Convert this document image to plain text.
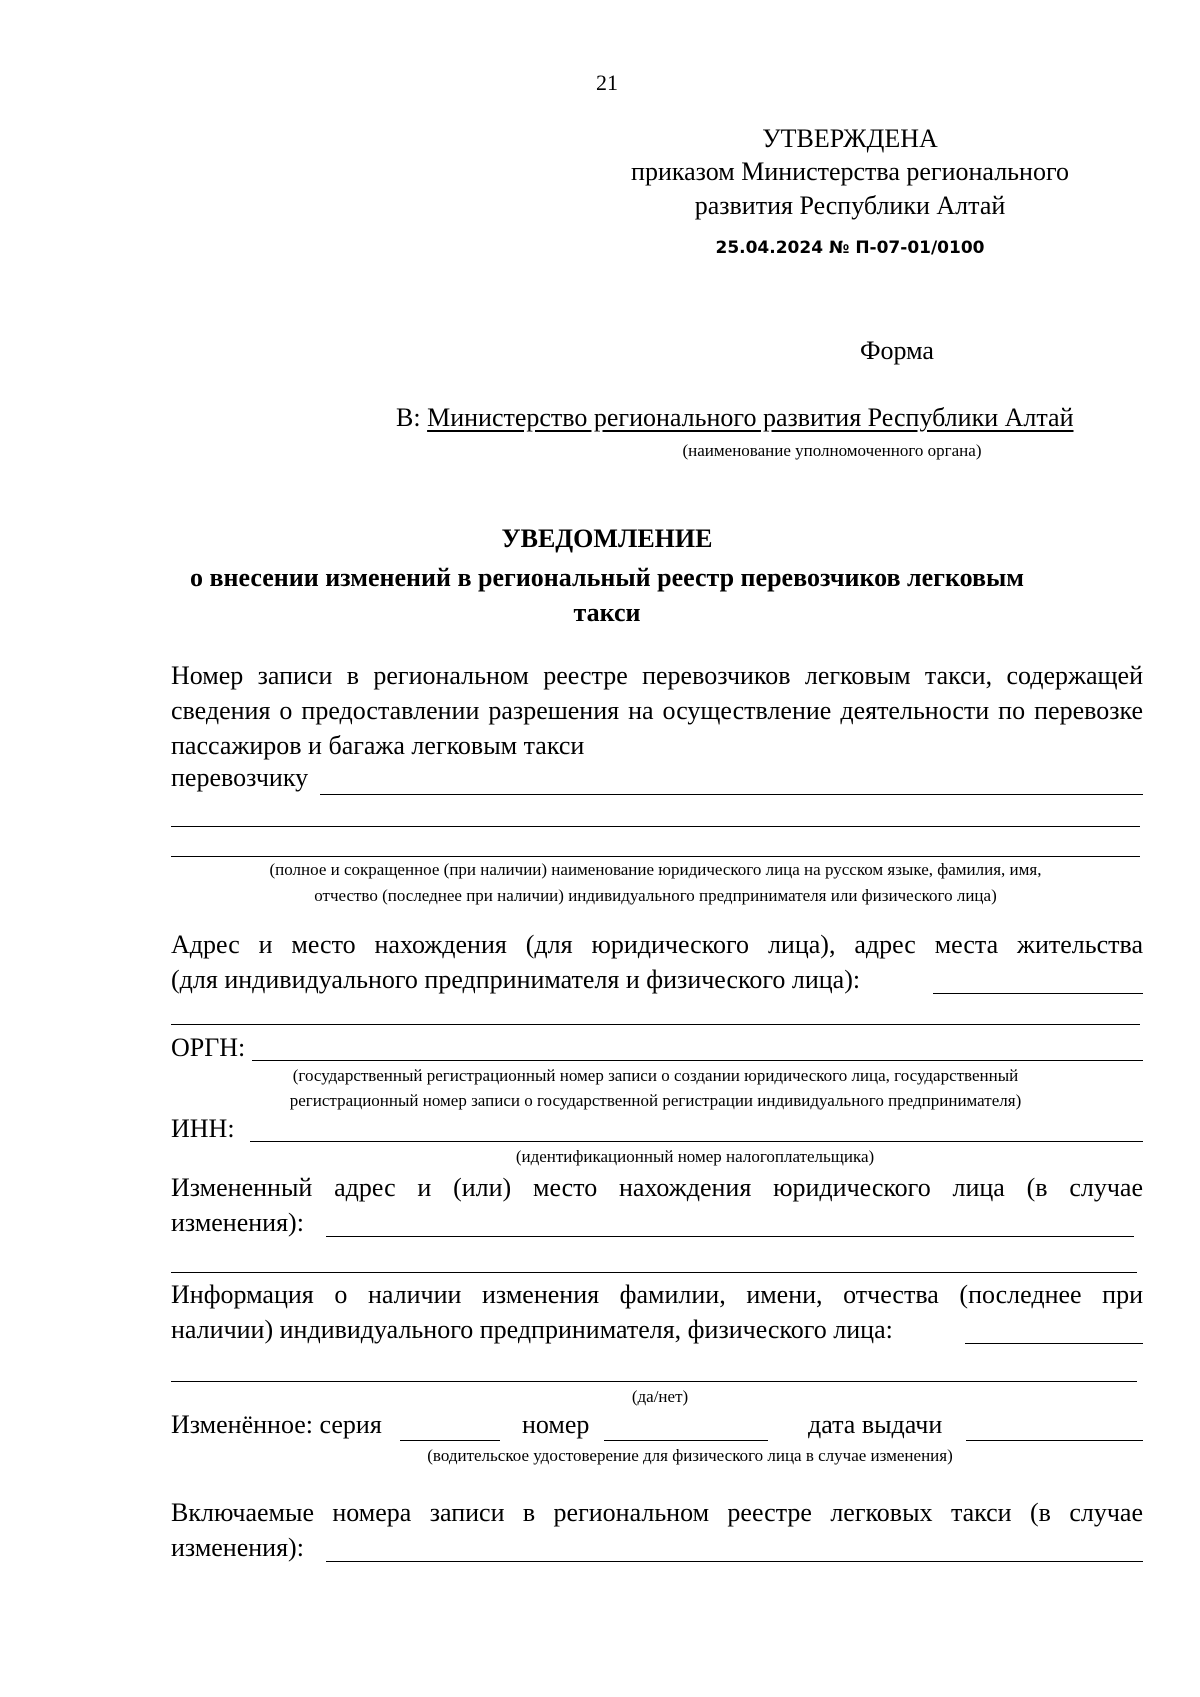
21
УТВЕРЖДЕНА
приказом Министерства регионального
развития Республики Алтай
25.04.2024 № П-07-01/0100
Форма
В: Министерство регионального развития Республики Алтай
(наименование уполномоченного органа)
УВЕДОМЛЕНИЕ
о внесении изменений в региональный реестр перевозчиков легковым
такси
Номер записи в региональном реестре перевозчиков легковым такси, содержащей сведения о предоставлении разрешения на осуществление деятельности по перевозке пассажиров и багажа легковым такси
перевозчику
(полное и сокращенное (при наличии) наименование юридического лица на русском языке, фамилия, имя,
отчество (последнее при наличии) индивидуального предпринимателя или физического лица)
Адрес и место нахождения (для юридического лица), адрес места жительства
(для индивидуального предпринимателя и физического лица):
ОРГН:
(государственный регистрационный номер записи о создании юридического лица, государственный
регистрационный номер записи о государственной регистрации индивидуального предпринимателя)
ИНН:
(идентификационный номер налогоплательщика)
Измененный адрес и (или) место нахождения юридического лица (в случае
изменения):
Информация о наличии изменения фамилии, имени, отчества (последнее при
наличии) индивидуального предпринимателя, физического лица:
(да/нет)
Изменённое: серия	номер	дата выдачи
(водительское удостоверение для физического лица в случае изменения)
Включаемые номера записи в региональном реестре легковых такси (в случае
изменения):
